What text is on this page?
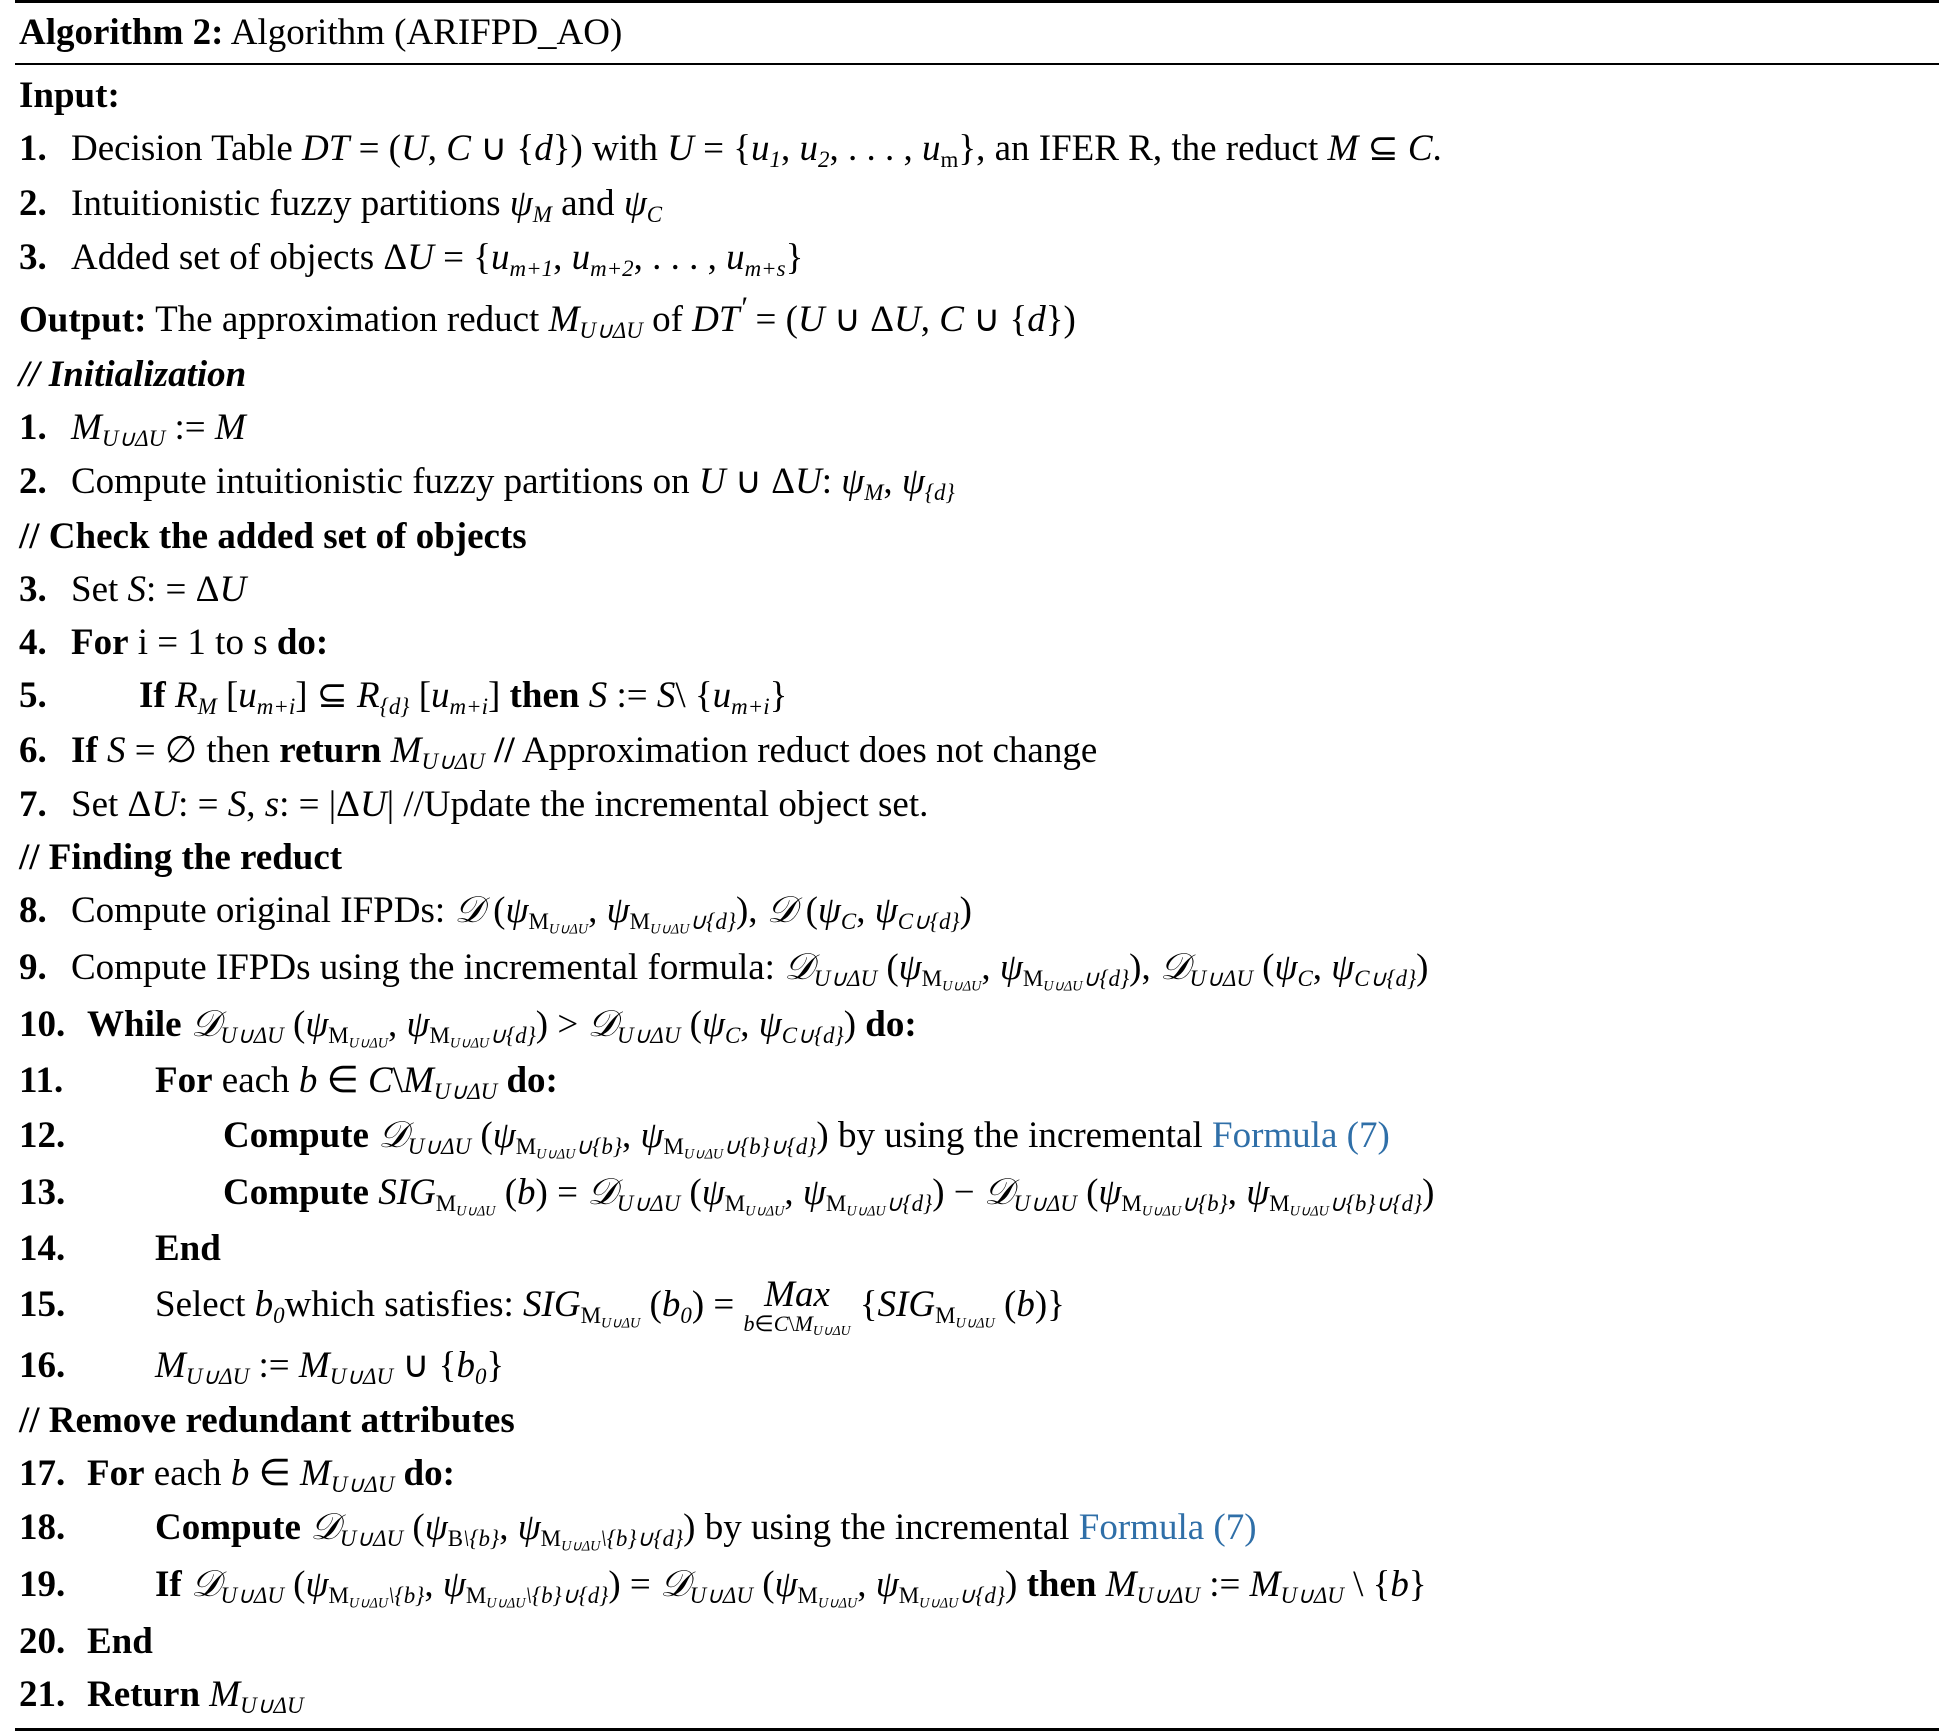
Algorithm 2: Algorithm (ARIFPD_AO)
Input:
1. Decision Table DT = (U, C ∪ {d}) with $U = \{u_1$, $u_2$, . . . , $u_m$}, an IFER R, the reduct M ⊆ C.
2. Intuitionistic fuzzy partitions $\psi_M$ and $\psi_C$
3. Added set of objects $\Delta U = \{u_{m+1}$, $u_{m+2}$, . . . , $u_{m+s}$}
Output: The approximation reduct $M_{U\cup\Delta U}$ of DT′ = (U ∪ ΔU, C ∪ {d})
// Initialization
1. $M_{U\cup\Delta U}$ := M
2. Compute intuitionistic fuzzy partitions on U ∪ ΔU: $\psi_M$, $\psi_{\{d\}}$
// Check the added set of objects
3. Set S: = ΔU
4. For i = 1 to s do:
5. If $R_M$ $[u_{m+i}]$ ⊆ $R_{\{d\}}$ $[u_{m+i}]$ then S := S\ $\{u_{m+i}\}$
6. If S = ∅ then return $M_{U\cup\Delta U}$ // Approximation reduct does not change
7. Set ΔU: = S, s: = |ΔU| //Update the incremental object set.
// Finding the reduct
8. Compute original IFPDs: 𝒟 ($\psi_{M_{U\cup\Delta U}}$, $\psi_{M_{U\cup\Delta U}\cup\{d\}}$), 𝒟 ($\psi_C$, $\psi_{C\cup\{d\}}$)
9. Compute IFPDs using the incremental formula: 𝒟$_{U\cup\Delta U}$ ($\psi_{M_{U\cup\Delta U}}$, $\psi_{M_{U\cup\Delta U}\cup\{d\}}$), 𝒟$_{U\cup\Delta U}$ ($\psi_C$, $\psi_{C\cup\{d\}}$)
10. While 𝒟$_{U\cup\Delta U}$ ($\psi_{M_{U\cup\Delta U}}$, $\psi_{M_{U\cup\Delta U}\cup\{d\}}$) > 𝒟$_{U\cup\Delta U}$ ($\psi_C$, $\psi_{C\cup\{d\}}$) do:
11. For each b ∈ $C\backslash M_{U\cup\Delta U}$ do:
12.	Compute 𝒟$_{U\cup\Delta U}$ ($\psi_{M_{U\cup\Delta U}\cup\{b\}}$, $\psi_{M_{U\cup\Delta U}\cup\{b\}\cup\{d\}}$) by using the incremental Formula (7)
13.	Compute $SIG_{M_{U\cup\Delta U}}$ (b) = 𝒟$_{U\cup\Delta U}$ ($\psi_{M_{U\cup\Delta U}}$, $\psi_{M_{U\cup\Delta U}\cup\{d\}}$) − 𝒟$_{U\cup\Delta U}$ ($\psi_{M_{U\cup\Delta U}\cup\{b\}}$, $\psi_{M_{U\cup\Delta U}\cup\{b\}\cup\{d\}}$)
14. End
15. Select $b_0which$ satisfies: $SIG_{M_{U\cup\Delta U}}$ $(b_0)$ = Max
$b\in C\backslash M_{U\cup\Delta U}$
{$SIG_{M_{U\cup\Delta U}}$ (b)}
16. $M_{U\cup\Delta U}$ := $M_{U\cup\Delta U}$ ∪ $\{b_0\}$
// Remove redundant attributes
17. For each b ∈ $M_{U\cup\Delta U}$ do:
18. Compute 𝒟$_{U\cup\Delta U}$ ($\psi_{B\backslash\{b\}}$, $\psi_{M_{U\cup\Delta U}\backslash\{b\}\cup\{d\}}$) by using the incremental Formula (7)
19. If 𝒟$_{U\cup\Delta U}$ ($\psi_{M_{U\cup\Delta U}\backslash\{b\}}$, $\psi_{M_{U\cup\Delta U}\backslash\{b\}\cup\{d\}}$) = 𝒟$_{U\cup\Delta U}$ ($\psi_{M_{U\cup\Delta U}}$, $\psi_{M_{U\cup\Delta U}\cup\{d\}}$) then $M_{U\cup\Delta U}$ := $M_{U\cup\Delta U}$ \ {b}
20. End
21. Return $M_{U\cup\Delta U}$
